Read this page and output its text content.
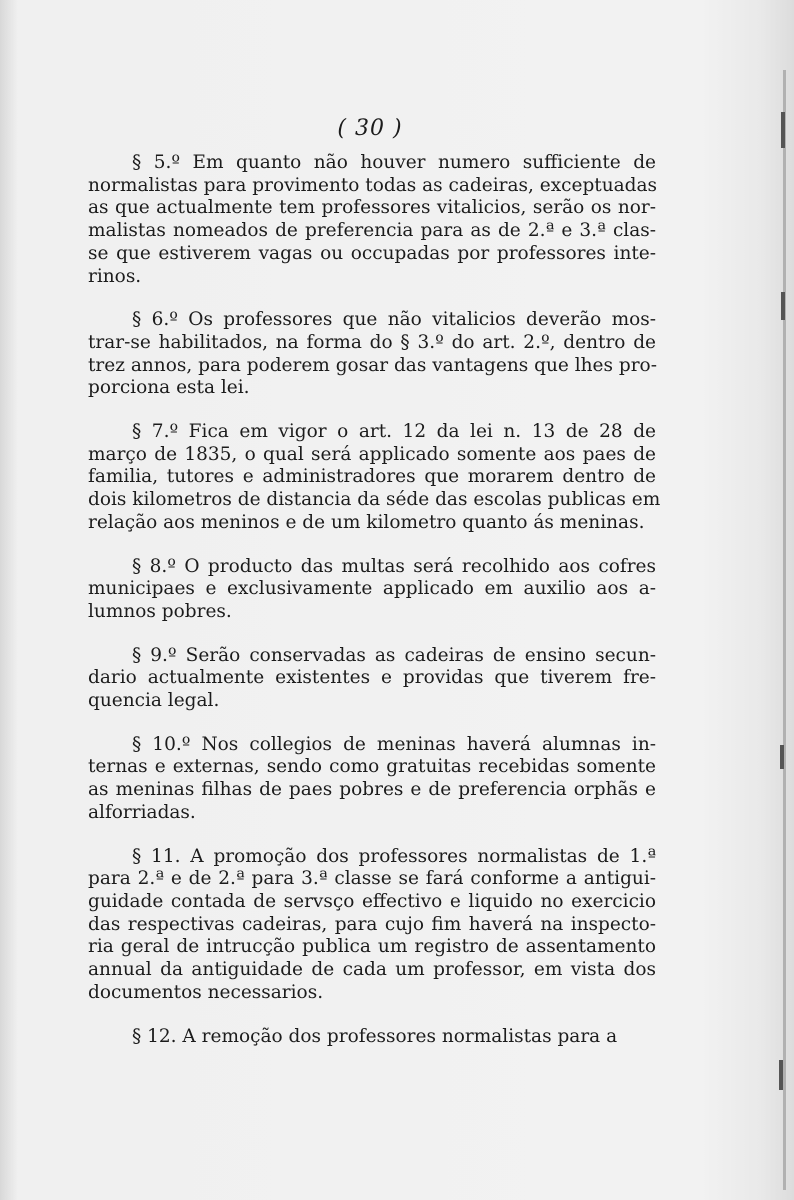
( 30 )

§ 5.º Em quanto não houver numero sufficiente de
normalistas para provimento todas as cadeiras, exceptuadas
as que actualmente tem professores vitalicios, serão os nor-
malistas nomeados de preferencia para as de 2.ª e 3.ª clas-
se que estiverem vagas ou occupadas por professores inte-
rinos.

§ 6.º Os professores que não vitalicios deverão mos-
trar-se habilitados, na forma do § 3.º do art. 2.º, dentro de
trez annos, para poderem gosar das vantagens que lhes pro-
porciona esta lei.

§ 7.º Fica em vigor o art. 12 da lei n. 13 de 28 de
março de 1835, o qual será applicado somente aos paes de
familia, tutores e administradores que morarem dentro de
dois kilometros de distancia da séde das escolas publicas em
relação aos meninos e de um kilometro quanto ás meninas.

§ 8.º O producto das multas será recolhido aos cofres
municipaes e exclusivamente applicado em auxilio aos a-
lumnos pobres.

§ 9.º Serão conservadas as cadeiras de ensino secun-
dario actualmente existentes e providas que tiverem fre-
quencia legal.

§ 10.º Nos collegios de meninas haverá alumnas in-
ternas e externas, sendo como gratuitas recebidas somente
as meninas filhas de paes pobres e de preferencia orphãs e
alforriadas.

§ 11. A promoção dos professores normalistas de 1.ª
para 2.ª e de 2.ª para 3.ª classe se fará conforme a antigui-
guidade contada de servsço effectivo e liquido no exercicio
das respectivas cadeiras, para cujo fim haverá na inspecto-
ria geral de intrucção publica um registro de assentamento
annual da antiguidade de cada um professor, em vista dos
documentos necessarios.

§ 12. A remoção dos professores normalistas para a
